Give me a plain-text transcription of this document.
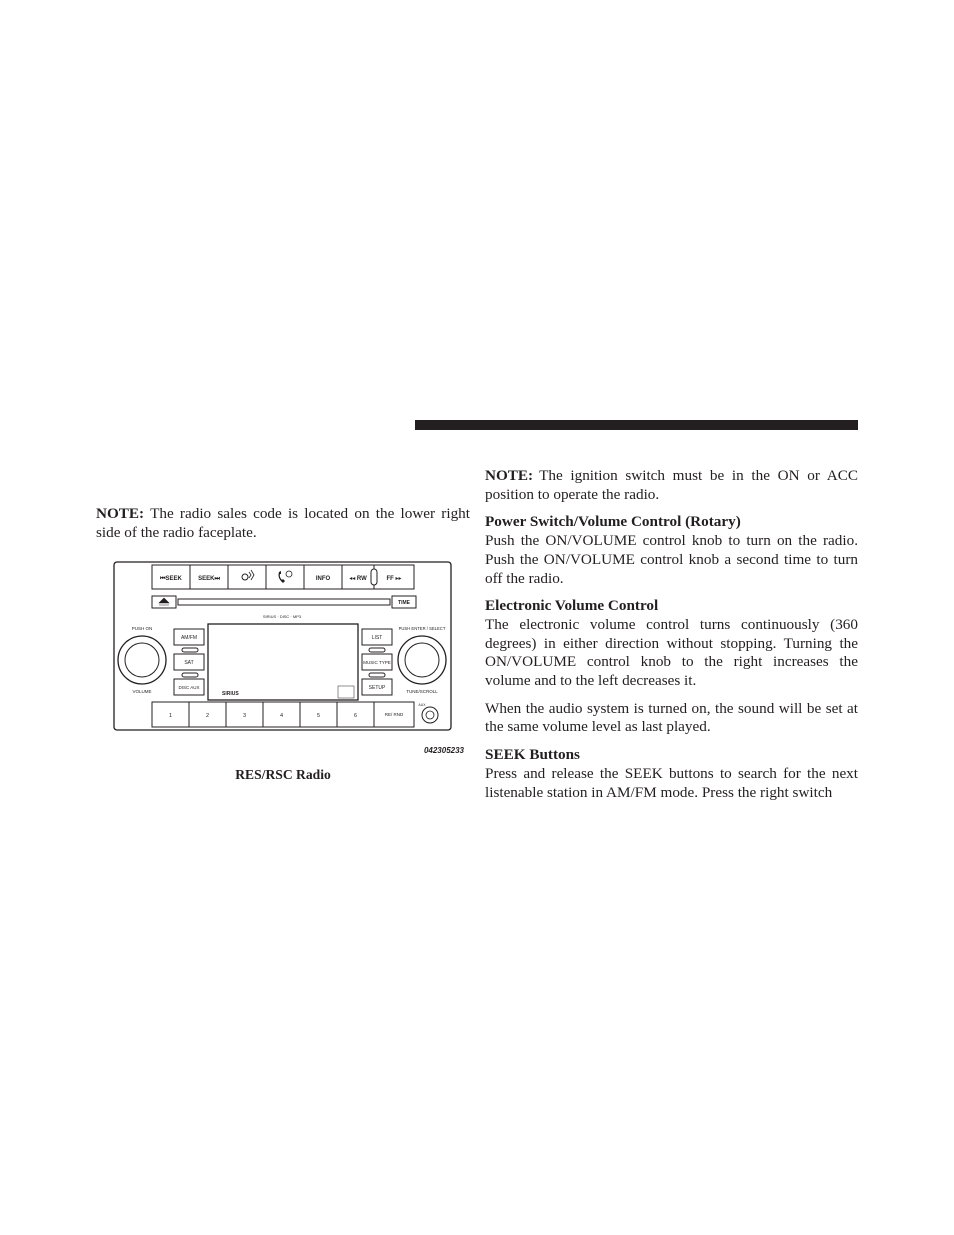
NOTE: The radio sales code is located on the lower right side of the radio faceplate.

⏮SEEK	SEEK⏭	INFO	◂◂ RW	FF ▸▸
TIME
SIRIUS · DISC · MP3
PUSH ON
VOLUME
AM/FM
SAT
DISC AUX
SIRIUS
LIST
MUSIC TYPE
SETUP
PUSH ENTER / SELECT
TUNE/SCROLL
1	2	3	4	5	6	RE/ RND
AUX
042305233
RES/RSC Radio

NOTE: The ignition switch must be in the ON or ACC position to operate the radio.

Power Switch/Volume Control (Rotary)

Push the ON/VOLUME control knob to turn on the radio. Push the ON/VOLUME control knob a second time to turn off the radio.

Electronic Volume Control

The electronic volume control turns continuously (360 degrees) in either direction without stopping. Turning the ON/VOLUME control knob to the right increases the volume and to the left decreases it.

When the audio system is turned on, the sound will be set at the same volume level as last played.

SEEK Buttons

Press and release the SEEK buttons to search for the next listenable station in AM/FM mode. Press the right switch
